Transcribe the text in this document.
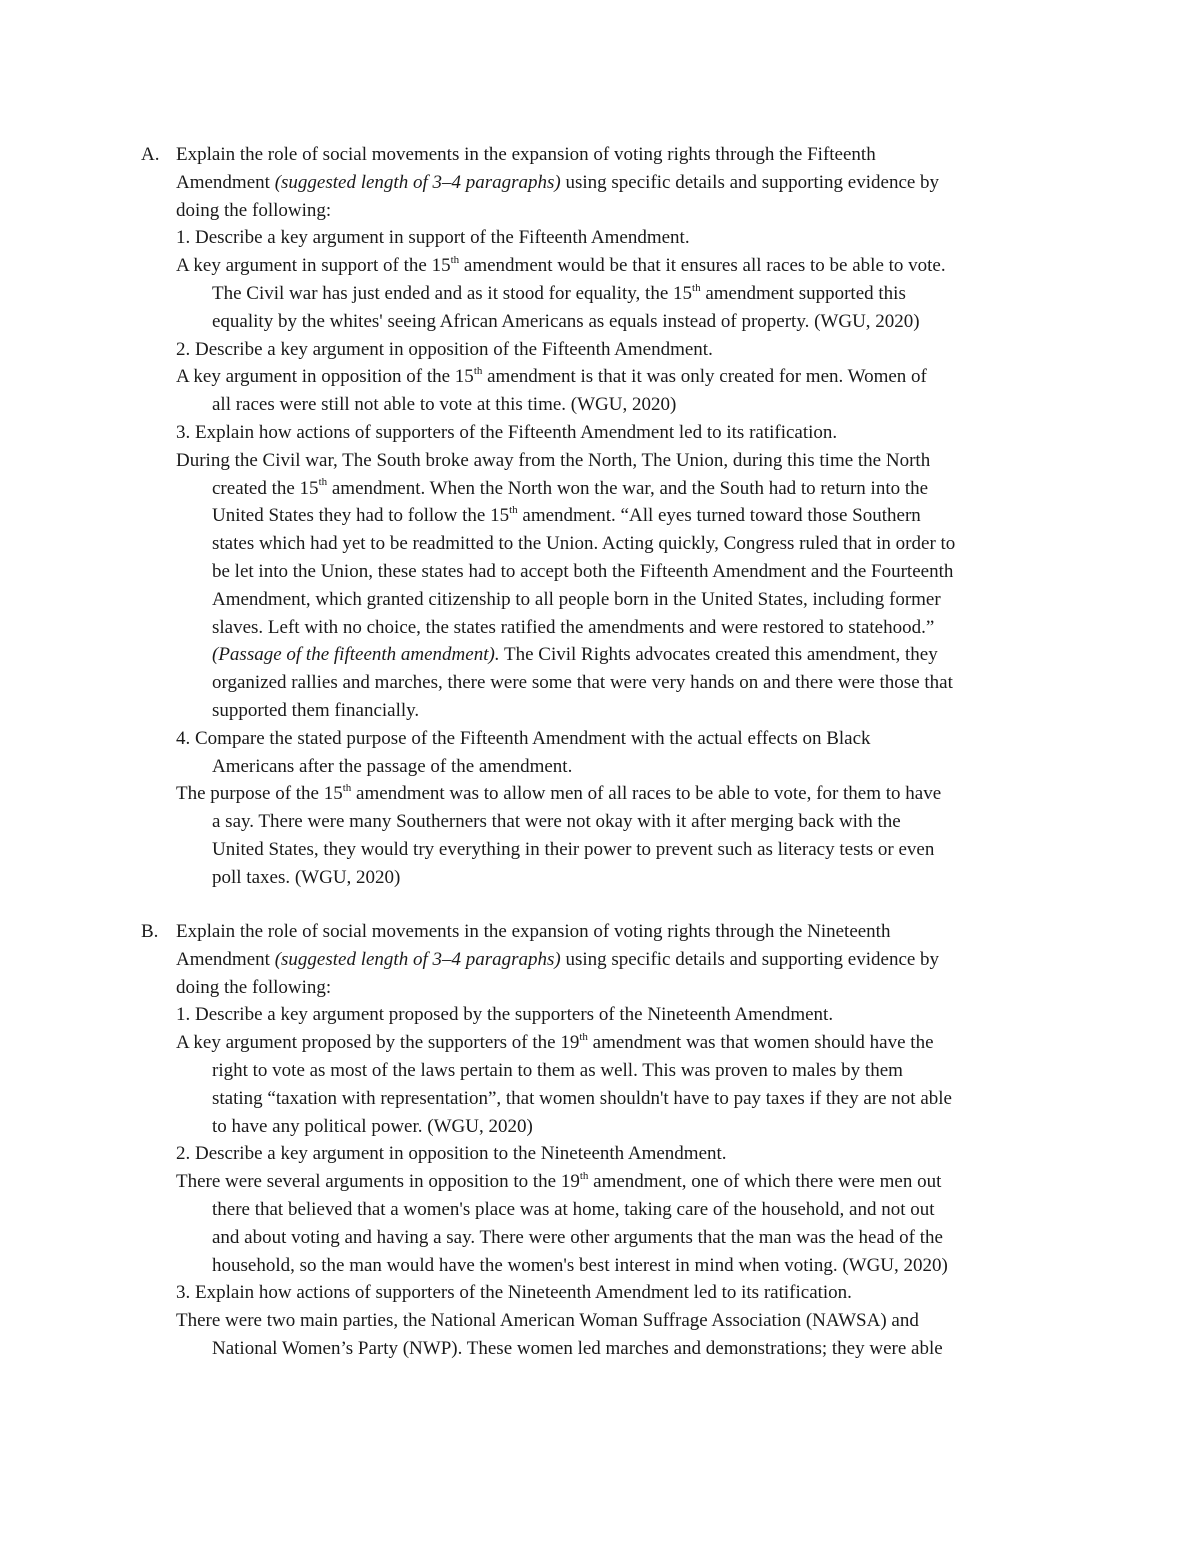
A. Explain the role of social movements in the expansion of voting rights through the Fifteenth
Amendment (suggested length of 3–4 paragraphs) using specific details and supporting evidence by
doing the following:
1. Describe a key argument in support of the Fifteenth Amendment.
A key argument in support of the 15th amendment would be that it ensures all races to be able to vote.
The Civil war has just ended and as it stood for equality, the 15th amendment supported this
equality by the whites' seeing African Americans as equals instead of property. (WGU, 2020)
2. Describe a key argument in opposition of the Fifteenth Amendment.
A key argument in opposition of the 15th amendment is that it was only created for men. Women of
all races were still not able to vote at this time. (WGU, 2020)
3. Explain how actions of supporters of the Fifteenth Amendment led to its ratification.
During the Civil war, The South broke away from the North, The Union, during this time the North
created the 15th amendment. When the North won the war, and the South had to return into the
United States they had to follow the 15th amendment. “All eyes turned toward those Southern
states which had yet to be readmitted to the Union. Acting quickly, Congress ruled that in order to
be let into the Union, these states had to accept both the Fifteenth Amendment and the Fourteenth
Amendment, which granted citizenship to all people born in the United States, including former
slaves. Left with no choice, the states ratified the amendments and were restored to statehood.”
(Passage of the fifteenth amendment). The Civil Rights advocates created this amendment, they
organized rallies and marches, there were some that were very hands on and there were those that
supported them financially.
4. Compare the stated purpose of the Fifteenth Amendment with the actual effects on Black
Americans after the passage of the amendment.
The purpose of the 15th amendment was to allow men of all races to be able to vote, for them to have
a say. There were many Southerners that were not okay with it after merging back with the
United States, they would try everything in their power to prevent such as literacy tests or even
poll taxes. (WGU, 2020)
B. Explain the role of social movements in the expansion of voting rights through the Nineteenth
Amendment (suggested length of 3–4 paragraphs) using specific details and supporting evidence by
doing the following:
1. Describe a key argument proposed by the supporters of the Nineteenth Amendment.
A key argument proposed by the supporters of the 19th amendment was that women should have the
right to vote as most of the laws pertain to them as well. This was proven to males by them
stating “taxation with representation”, that women shouldn't have to pay taxes if they are not able
to have any political power. (WGU, 2020)
2. Describe a key argument in opposition to the Nineteenth Amendment.
There were several arguments in opposition to the 19th amendment, one of which there were men out
there that believed that a women's place was at home, taking care of the household, and not out
and about voting and having a say. There were other arguments that the man was the head of the
household, so the man would have the women's best interest in mind when voting. (WGU, 2020)
3. Explain how actions of supporters of the Nineteenth Amendment led to its ratification.
There were two main parties, the National American Woman Suffrage Association (NAWSA) and
National Women’s Party (NWP). These women led marches and demonstrations; they were able
